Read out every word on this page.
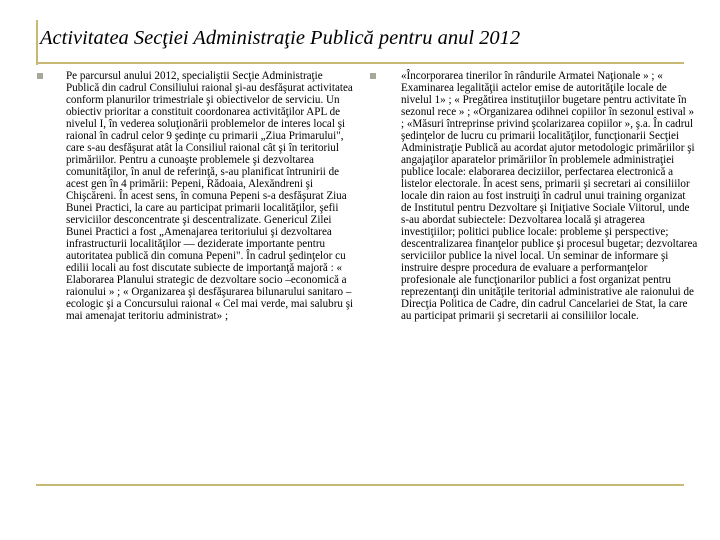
Activitatea Secţiei Administraţie Publică pentru anul 2012
Pe parcursul anului 2012, specialiştii Secţie Administraţie Publică din cadrul Consiliului raional şi-au desfăşurat activitatea conform planurilor trimestriale şi obiectivelor de serviciu. Un obiectiv prioritar a constituit coordonarea activităţilor APL de nivelul I, în vederea soluţionării problemelor de interes local şi raional în cadrul celor 9 şedinţe cu primarii „Ziua Primarului", care s-au desfăşurat atât la Consiliul raional cât şi în teritoriul primăriilor. Pentru a cunoaşte problemele şi dezvoltarea comunităţilor, în anul de referinţă, s-au planificat întrunirii de acest gen în 4 primării: Pepeni, Rădoaia, Alexăndreni şi Chişcăreni. În acest sens, în comuna Pepeni s-a desfăşurat Ziua Bunei Practici, la care au participat primarii localităţilor, şefii serviciilor desconcentrate şi descentralizate. Genericul Zilei Bunei Practici a fost „Amenajarea teritoriului şi dezvoltarea infrastructurii localităţilor — deziderate importante pentru autoritatea publică din comuna Pepeni". În cadrul şedinţelor cu edilii locali au fost discutate subiecte de importanţă majoră : « Elaborarea Planului strategic de dezvoltare socio –economică a raionului » ; « Organizarea şi desfăşurarea bilunarului sanitaro – ecologic şi a Concursului raional « Cel mai verde, mai salubru şi mai amenajat teritoriu administrat» ;
«Încorporarea tinerilor în rândurile Armatei Naţionale » ; « Examinarea legalităţii actelor emise de autorităţile locale de nivelul 1» ; « Pregătirea instituţiilor bugetare pentru activitate în sezonul rece » ; «Organizarea odihnei copiilor în sezonul estival » ; «Măsuri întreprinse privind şcolarizarea copiilor », ş.a. În cadrul şedinţelor de lucru cu primarii localităţilor, funcţionarii Secţiei Administraţie Publică au acordat ajutor metodologic primăriilor şi angajaţilor aparatelor primăriilor în problemele administraţiei publice locale: elaborarea deciziilor, perfectarea electronică a listelor electorale. În acest sens, primarii şi secretari ai consiliilor locale din raion au fost instruiţi în cadrul unui training organizat de Institutul pentru Dezvoltare şi Iniţiative Sociale Viitorul, unde s-au abordat subiectele: Dezvoltarea locală şi atragerea investiţiilor; politici publice locale: probleme şi perspective; descentralizarea finanţelor publice şi procesul bugetar; dezvoltarea serviciilor publice la nivel local. Un seminar de informare şi instruire despre procedura de evaluare a performanţelor profesionale ale funcţionarilor publici a fost organizat pentru reprezentanţi din unităţile teritorial administrative ale raionului de Direcţia Politica de Cadre, din cadrul Cancelariei de Stat, la care au participat primarii şi secretarii ai consiliilor locale.
